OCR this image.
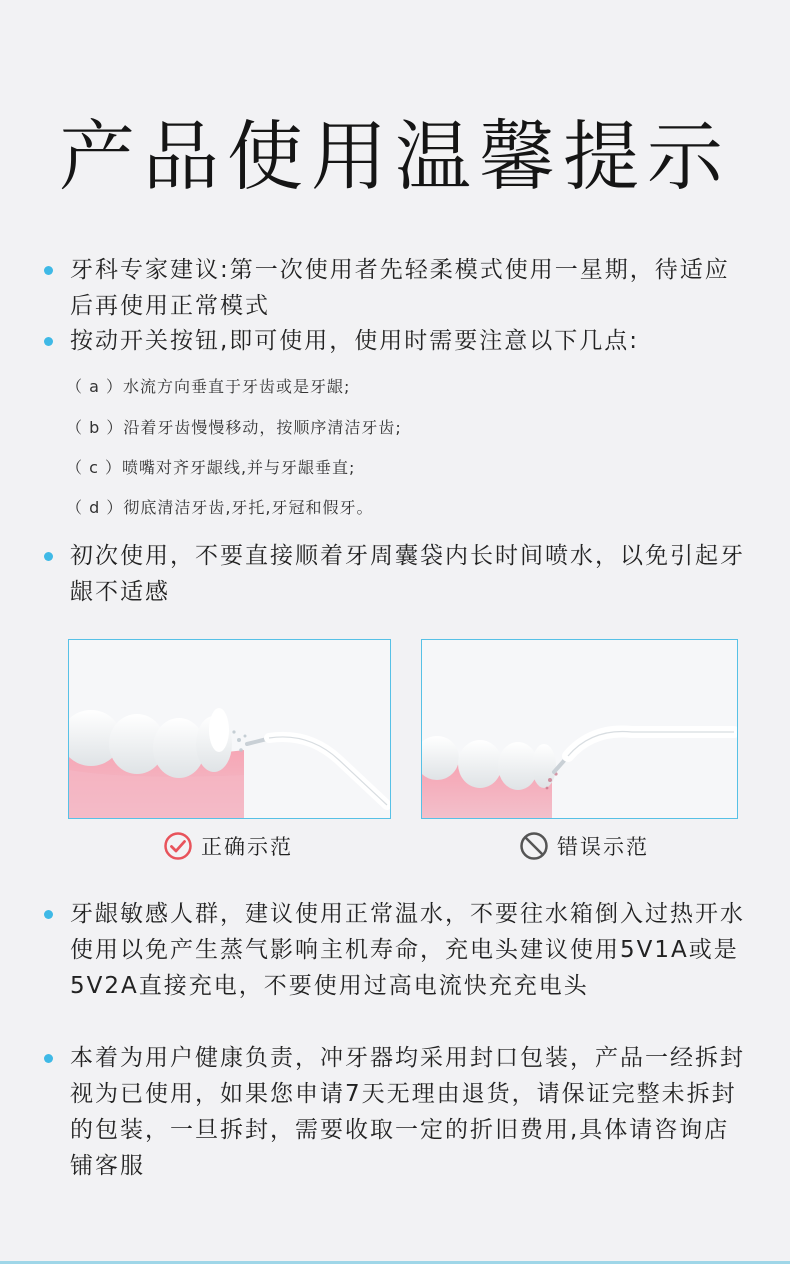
产品使用温馨提示
牙科专家建议:第一次使用者先轻柔模式使用一星期，待适应后再使用正常模式
按动开关按钮,即可使用，使用时需要注意以下几点:
（ a ）水流方向垂直于牙齿或是牙龈;
（ b ）沿着牙齿慢慢移动，按顺序清洁牙齿;
（ c ）喷嘴对齐牙龈线,并与牙龈垂直;
（ d ）彻底清洁牙齿,牙托,牙冠和假牙。
初次使用，不要直接顺着牙周囊袋内长时间喷水，以免引起牙龈不适感
正确示范	错误示范
牙龈敏感人群，建议使用正常温水，不要往水箱倒入过热开水使用以免产生蒸气影响主机寿命，充电头建议使用5V1A或是5V2A直接充电，不要使用过高电流快充充电头
本着为用户健康负责，冲牙器均采用封口包装，产品一经拆封视为已使用，如果您申请7天无理由退货，请保证完整未拆封的包装，一旦拆封，需要收取一定的折旧费用,具体请咨询店铺客服
